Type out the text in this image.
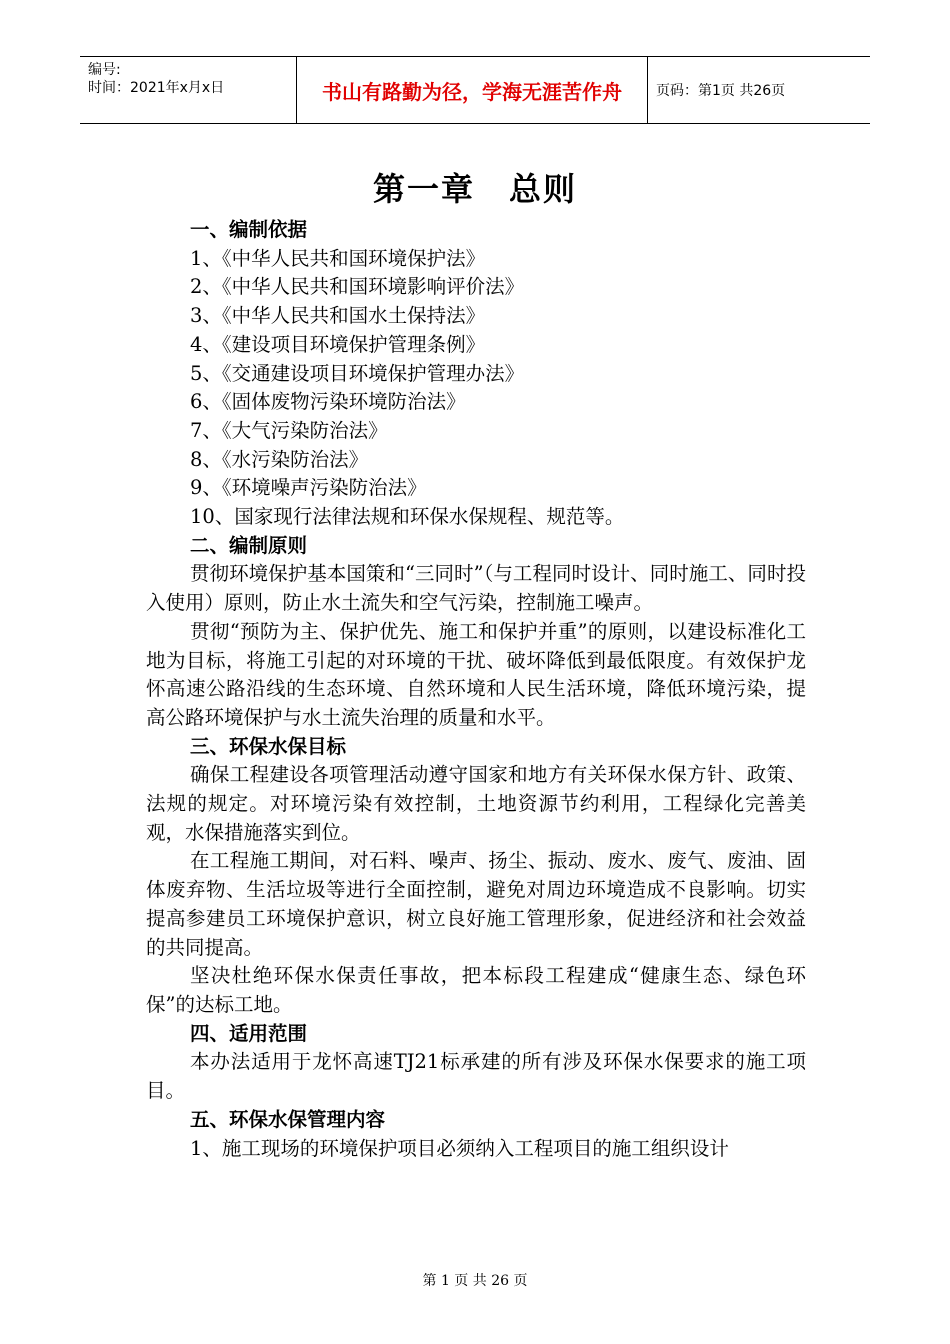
编号:
时间：2021年x月x日	书山有路勤为径，学海无涯苦作舟	页码：第1页 共26页
第一章 总则

一、编制依据

1、《中华人民共和国环境保护法》

2、《中华人民共和国环境影响评价法》

3、《中华人民共和国水土保持法》

4、《建设项目环境保护管理条例》

5、《交通建设项目环境保护管理办法》

6、《固体废物污染环境防治法》

7、《大气污染防治法》

8、《水污染防治法》

9、《环境噪声污染防治法》

10、国家现行法律法规和环保水保规程、规范等。

二、编制原则

贯彻环境保护基本国策和“三同时”（与工程同时设计、同时施工、同时投入使用）原则，防止水土流失和空气污染，控制施工噪声。

贯彻“预防为主、保护优先、施工和保护并重”的原则，以建设标准化工地为目标，将施工引起的对环境的干扰、破坏降低到最低限度。有效保护龙怀高速公路沿线的生态环境、自然环境和人民生活环境，降低环境污染，提高公路环境保护与水土流失治理的质量和水平。

三、环保水保目标

确保工程建设各项管理活动遵守国家和地方有关环保水保方针、政策、法规的规定。对环境污染有效控制，土地资源节约利用，工程绿化完善美观，水保措施落实到位。

在工程施工期间，对石料、噪声、扬尘、振动、废水、废气、废油、固体废弃物、生活垃圾等进行全面控制，避免对周边环境造成不良影响。切实提高参建员工环境保护意识，树立良好施工管理形象，促进经济和社会效益的共同提高。

坚决杜绝环保水保责任事故，把本标段工程建成“健康生态、绿色环保”的达标工地。

四、适用范围

本办法适用于龙怀高速TJ21标承建的所有涉及环保水保要求的施工项目。

五、环保水保管理内容

1、施工现场的环境保护项目必须纳入工程项目的施工组织设计

第 1 页 共 26 页
